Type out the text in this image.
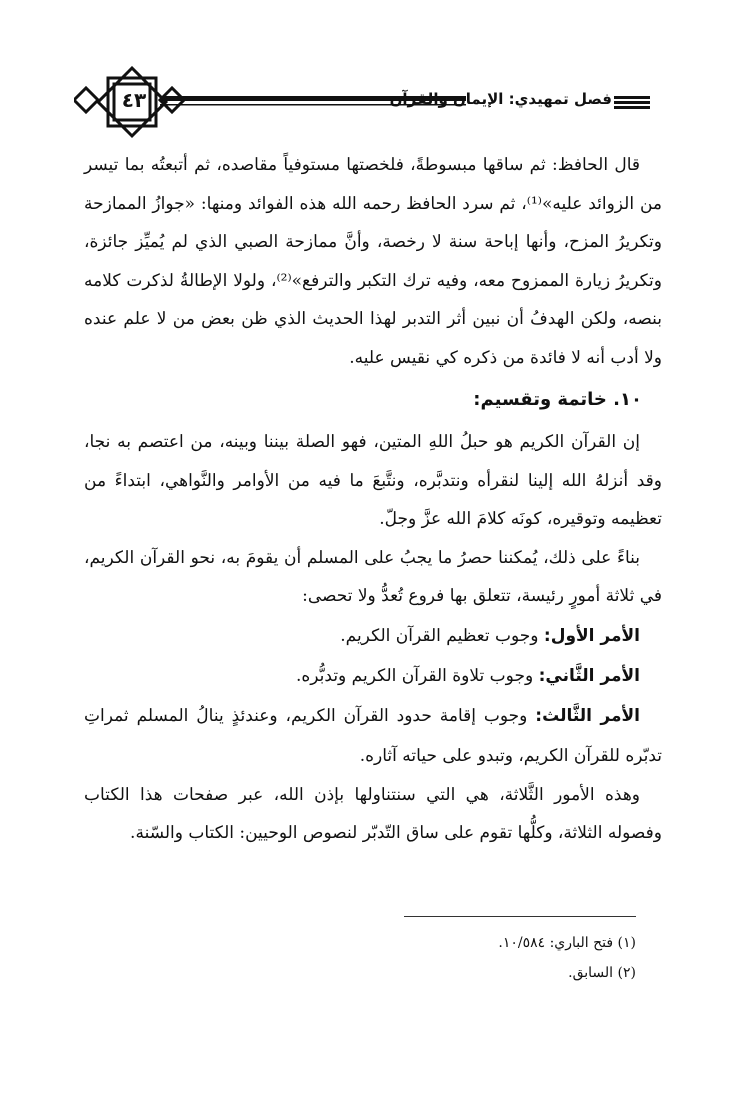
٤٣	فصل تمهيدي: الإيمان والقرآن

قال الحافظ: ثم ساقها مبسوطةً، فلخصتها مستوفياً مقاصده، ثم أتبعتُه بما تيسر من الزوائد عليه»⁽¹⁾، ثم سرد الحافظ رحمه الله هذه الفوائد ومنها: «جوازُ الممازحة وتكريرُ المزح، وأنها إباحة سنة لا رخصة، وأنَّ ممازحة الصبي الذي لم يُميِّز جائزة، وتكريرُ زيارة الممزوح معه، وفيه ترك التكبر والترفع»⁽²⁾، ولولا الإطالةُ لذكرت كلامه بنصه، ولكن الهدفُ أن نبين أثر التدبر لهذا الحديث الذي ظن بعض من لا علم عنده ولا أدب أنه لا فائدة من ذكره كي نقيس عليه.

١٠. خاتمة وتقسيم:

إن القرآن الكريم هو حبلُ اللهِ المتين، فهو الصلة بيننا وبينه، من اعتصم به نجا، وقد أنزلهُ الله إلينا لنقرأه ونتدبَّره، ونتَّبعَ ما فيه من الأوامر والنَّواهي، ابتداءً من تعظيمه وتوقيره، كونَه كلامَ الله عزَّ وجلّ.

بناءً على ذلك، يُمكننا حصرُ ما يجبُ على المسلم أن يقومَ به، نحو القرآن الكريم، في ثلاثة أمورٍ رئيسة، تتعلق بها فروع تُعدُّ ولا تحصى:

الأمر الأول: وجوب تعظيم القرآن الكريم.

الأمر الثَّاني: وجوب تلاوة القرآن الكريم وتدبُّره.

الأمر الثَّالث: وجوب إقامة حدود القرآن الكريم، وعندئذٍ ينالُ المسلم ثمراتِ تدبّره للقرآن الكريم، وتبدو على حياته آثاره.

وهذه الأمور الثَّلاثة، هي التي سنتناولها بإذن الله، عبر صفحات هذا الكتاب وفصوله الثلاثة، وكلُّها تقوم على ساق التّدبّر لنصوص الوحيين: الكتاب والسّنة.

(١) فتح الباري: ١٠/٥٨٤.

(٢) السابق.
